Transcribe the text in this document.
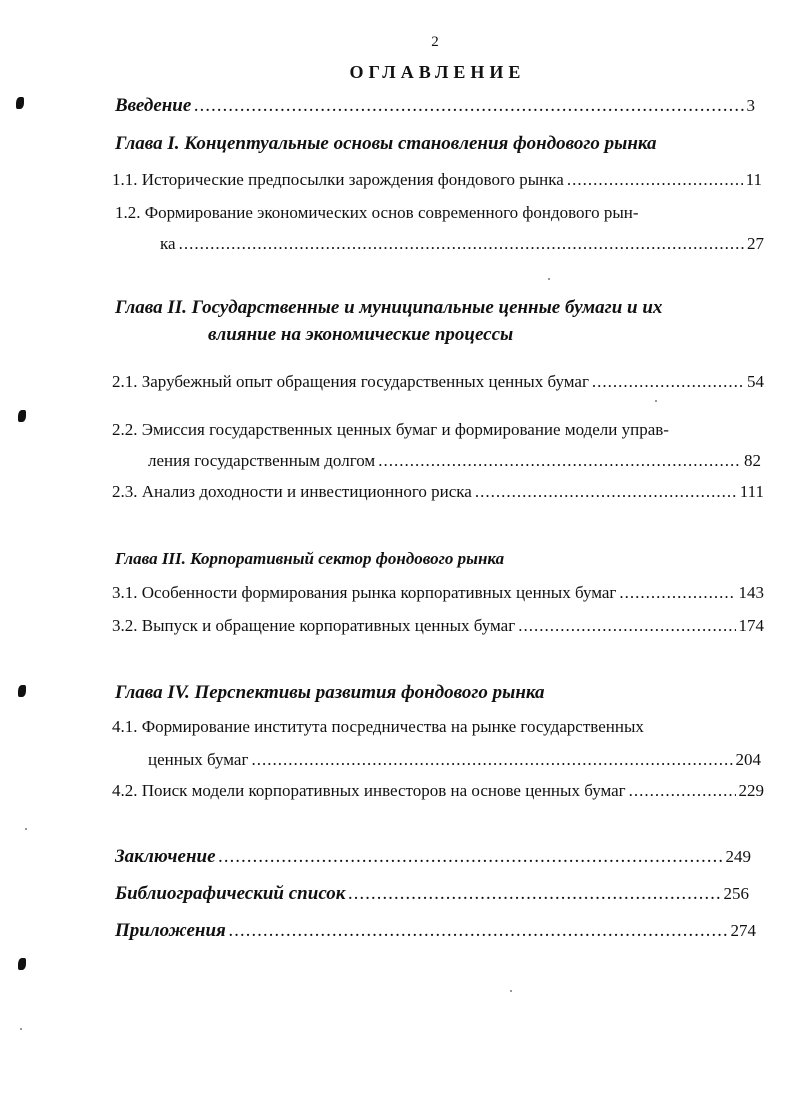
2
ОГЛАВЛЕНИЕ
Введение .....	3
Глава I. Концептуальные основы становления фондового рынка
1.1. Исторические предпосылки зарождения фондового рынка .....	11
1.2. Формирование экономических основ современного фондового рын-
ка .....	27
Глава II. Государственные и муниципальные ценные бумаги и их
влияние на экономические процессы
2.1. Зарубежный опыт обращения государственных ценных бумаг .....	54
2.2. Эмиссия государственных ценных бумаг и формирование модели управ-
ления государственным долгом .....	82
2.3. Анализ доходности и инвестиционного риска .....	111
Глава III. Корпоративный сектор фондового рынка
3.1. Особенности формирования рынка корпоративных ценных бумаг .....	143
3.2. Выпуск и обращение корпоративных ценных бумаг .....	174
Глава IV. Перспективы развития фондового рынка
4.1. Формирование института посредничества на рынке государственных
ценных бумаг .....	204
4.2. Поиск модели корпоративных инвесторов на основе ценных бумаг .....	229
Заключение .....	249
Библиографический список .....	256
Приложения .....	274
